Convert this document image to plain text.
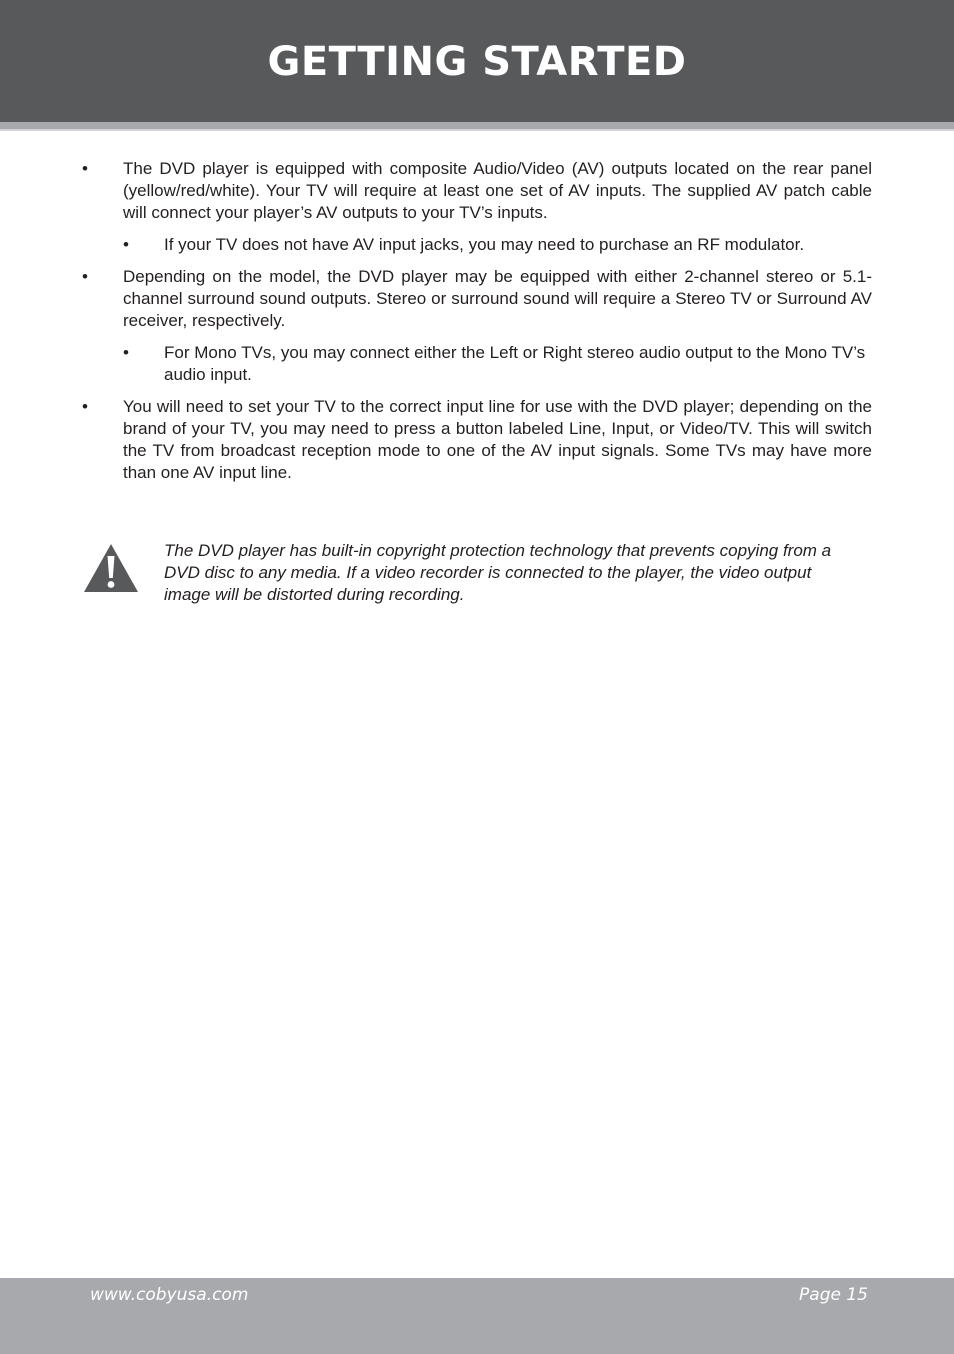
GETTING STARTED
• The DVD player is equipped with composite Audio/Video (AV) outputs located on the rear panel (yellow/red/white). Your TV will require at least one set of AV inputs. The supplied AV patch cable will connect your player’s AV outputs to your TV’s inputs.
• If your TV does not have AV input jacks, you may need to purchase an RF modulator.
• Depending on the model, the DVD player may be equipped with either 2-channel stereo or 5.1-channel surround sound outputs. Stereo or surround sound will require a Stereo TV or Surround AV receiver, respectively.
• For Mono TVs, you may connect either the Left or Right stereo audio output to the Mono TV’s audio input.
• You will need to set your TV to the correct input line for use with the DVD player; depending on the brand of your TV, you may need to press a button labeled Line, Input, or Video/TV. This will switch the TV from broadcast reception mode to one of the AV input signals. Some TVs may have more than one AV input line.
The DVD player has built-in copyright protection technology that prevents copying from a DVD disc to any media. If a video recorder is connected to the player, the video output image will be distorted during recording.
www.cobyusa.com	Page 15
